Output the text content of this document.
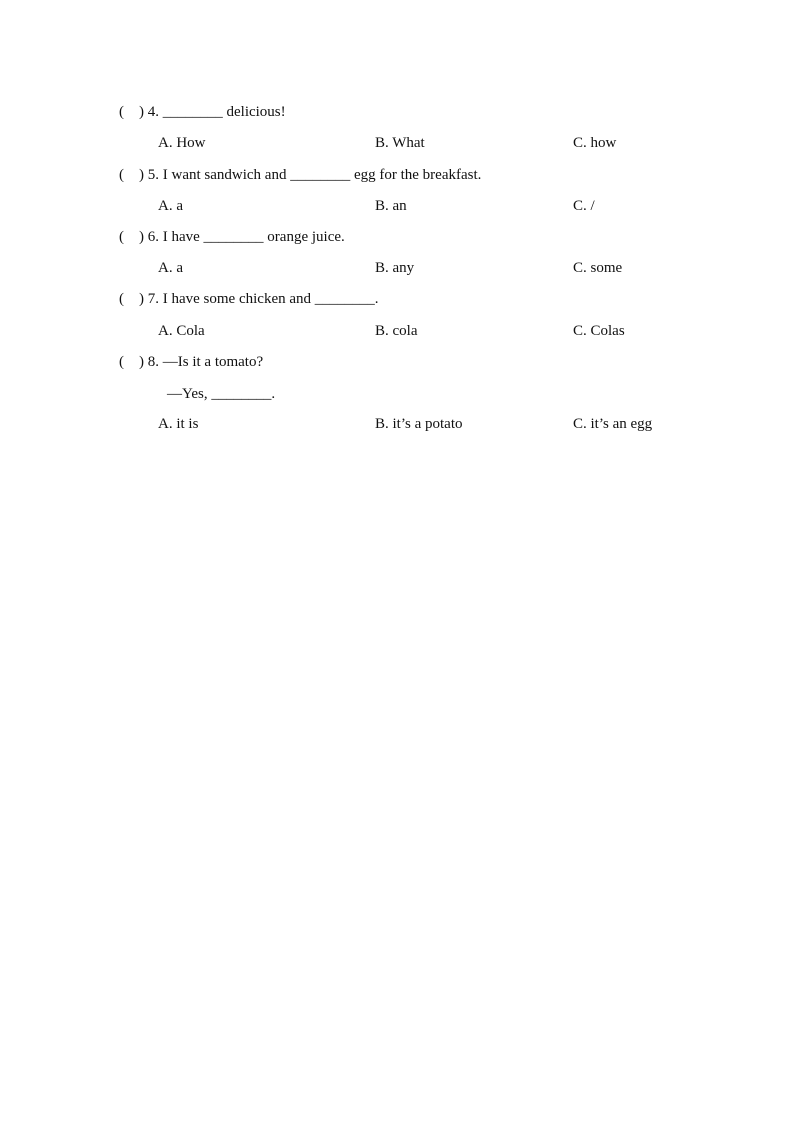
(    ) 4. ________ delicious!
A. How	B. What	C. how
(    ) 5. I want sandwich and ________ egg for the breakfast.
A. a	B. an	C. /
(    ) 6. I have ________ orange juice.
A. a	B. any	C. some
(    ) 7. I have some chicken and ________.
A. Cola	B. cola	C. Colas
(    ) 8. —Is it a tomato?
—Yes, ________.
A. it is	B. it’s a potato	C. it’s an egg
